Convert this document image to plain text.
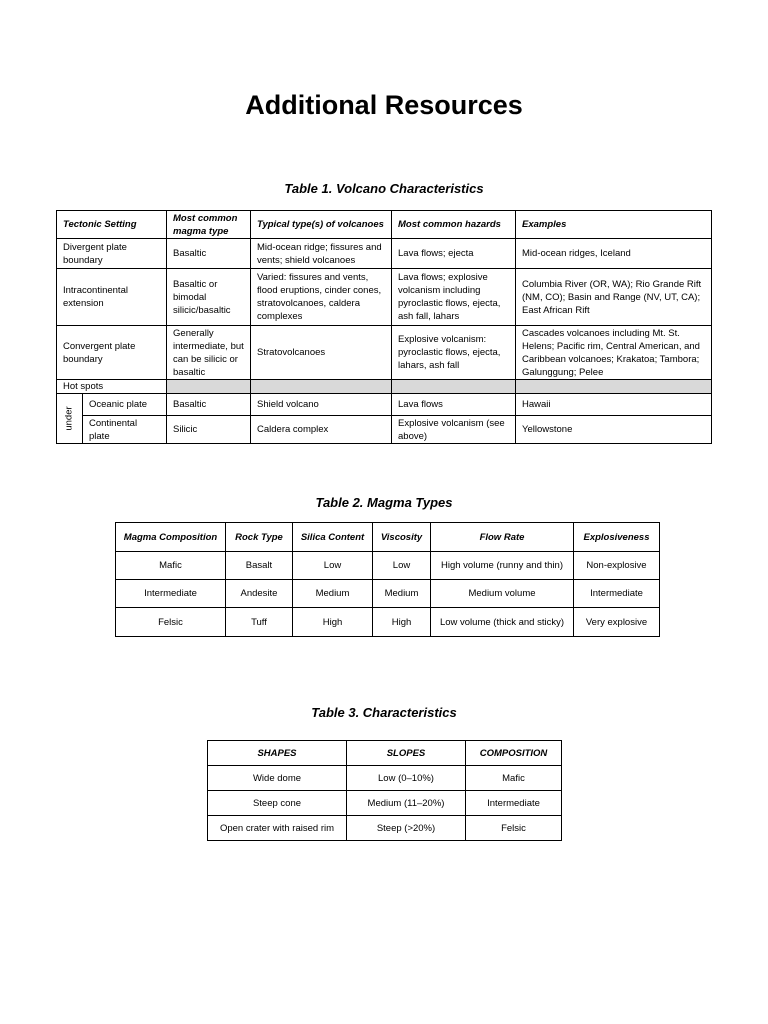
Additional Resources

Table 1. Volcano Characteristics

Tectonic Setting		Most common magma type	Typical type(s) of volcanoes	Most common hazards	Examples
Divergent plate boundary		Basaltic	Mid-ocean ridge; fissures and vents; shield volcanoes	Lava flows; ejecta	Mid-ocean ridges, Iceland
Intracontinental extension		Basaltic or bimodal silicic/basaltic	Varied: fissures and vents, flood eruptions, cinder cones, stratovolcanoes, caldera complexes	Lava flows; explosive volcanism including pyroclastic flows, ejecta, ash fall, lahars	Columbia River (OR, WA); Rio Grande Rift (NM, CO); Basin and Range (NV, UT, CA); East African Rift
Convergent plate boundary		Generally intermediate, but can be silicic or basaltic	Stratovolcanoes	Explosive volcanism: pyroclastic flows, ejecta, lahars, ash fall	Cascades volcanoes including Mt. St. Helens; Pacific rim, Central American, and Caribbean volcanoes; Krakatoa; Tambora; Galunggung; Pelee
Hot spots					
under	Oceanic plate	Basaltic	Shield volcano	Lava flows	Hawaii
	Continental plate	Silicic	Caldera complex	Explosive volcanism (see above)	Yellowstone

Table 2. Magma Types

Magma Composition	Rock Type	Silica Content	Viscosity	Flow Rate	Explosiveness
Mafic	Basalt	Low	Low	High volume (runny and thin)	Non-explosive
Intermediate	Andesite	Medium	Medium	Medium volume	Intermediate
Felsic	Tuff	High	High	Low volume (thick and sticky)	Very explosive

Table 3. Characteristics

SHAPES	SLOPES	COMPOSITION
Wide dome	Low (0–10%)	Mafic
Steep cone	Medium (11–20%)	Intermediate
Open crater with raised rim	Steep (>20%)	Felsic
